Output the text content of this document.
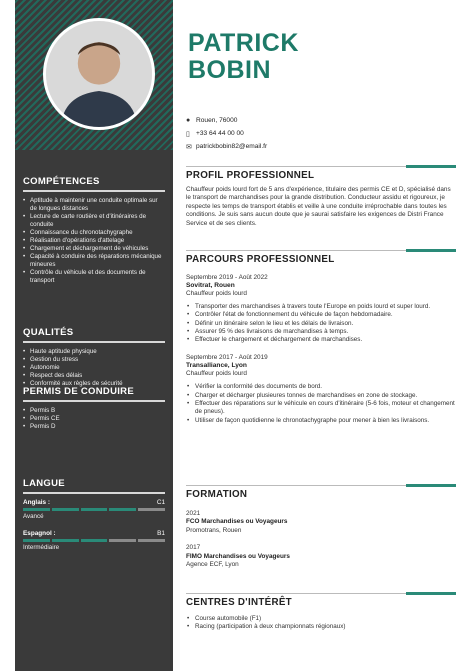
COMPÉTENCES
• Aptitude à maintenir une conduite optimale sur de longues distances
• Lecture de carte routière et d'itinéraires de conduite
• Connaissance du chronotachygraphe
• Réalisation d'opérations d'attelage
• Chargement et déchargement de véhicules
• Capacité à conduire des réparations mécanique mineures
• Contrôle du véhicule et des documents de transport
QUALITÉS
• Haute aptitude physique
• Gestion du stress
• Autonomie
• Respect des délais
• Conformité aux règles de sécurité
PERMIS DE CONDUIRE
• Permis B
• Permis CE
• Permis D
LANGUE
Anglais :	C1
Avancé
Espagnol :	B1
Intermédiaire
PATRICK
BOBIN
● Rouen, 76000
▯ +33 64 44 00 00
✉ patrickbobin82@email.fr
PROFIL PROFESSIONNEL
Chauffeur poids lourd fort de 5 ans d'expérience, titulaire des permis CE et D, spécialisé dans le transport de marchandises pour la grande distribution. Conducteur assidu et rigoureux, je respecte les temps de transport établis et veille à une conduite irréprochable dans toutes les conditions. Je suis sans aucun doute que je saurai satisfaire les exigences de Distri France Service et de ses clients.
PARCOURS PROFESSIONNEL
Septembre 2019 - Août 2022
Sovitrat, Rouen
Chauffeur poids lourd
• Transporter des marchandises à travers toute l'Europe en poids lourd et super lourd.
• Contrôler l'état de fonctionnement du véhicule de façon hebdomadaire.
• Définir un itinéraire selon le lieu et les délais de livraison.
• Assurer 95 % des livraisons de marchandises à temps.
• Effectuer le chargement et déchargement de marchandises.
Septembre 2017 - Août 2019
Transalliance, Lyon
Chauffeur poids lourd
• Vérifier la conformité des documents de bord.
• Charger et décharger plusieures tonnes de marchandises en zone de stockage.
• Effectuer des réparations sur le véhicule en cours d'itinéraire (5-6 fois, moteur et changement de pneus).
• Utiliser de façon quotidienne le chronotachygraphe pour mener à bien les livraisons.
FORMATION
2021
FCO Marchandises ou Voyageurs
Promotrans, Rouen
2017
FIMO Marchandises ou Voyageurs
Agence ECF, Lyon
CENTRES D'INTÉRÊT
• Course automobile (F1)
• Racing (participation à deux championnats régionaux)
